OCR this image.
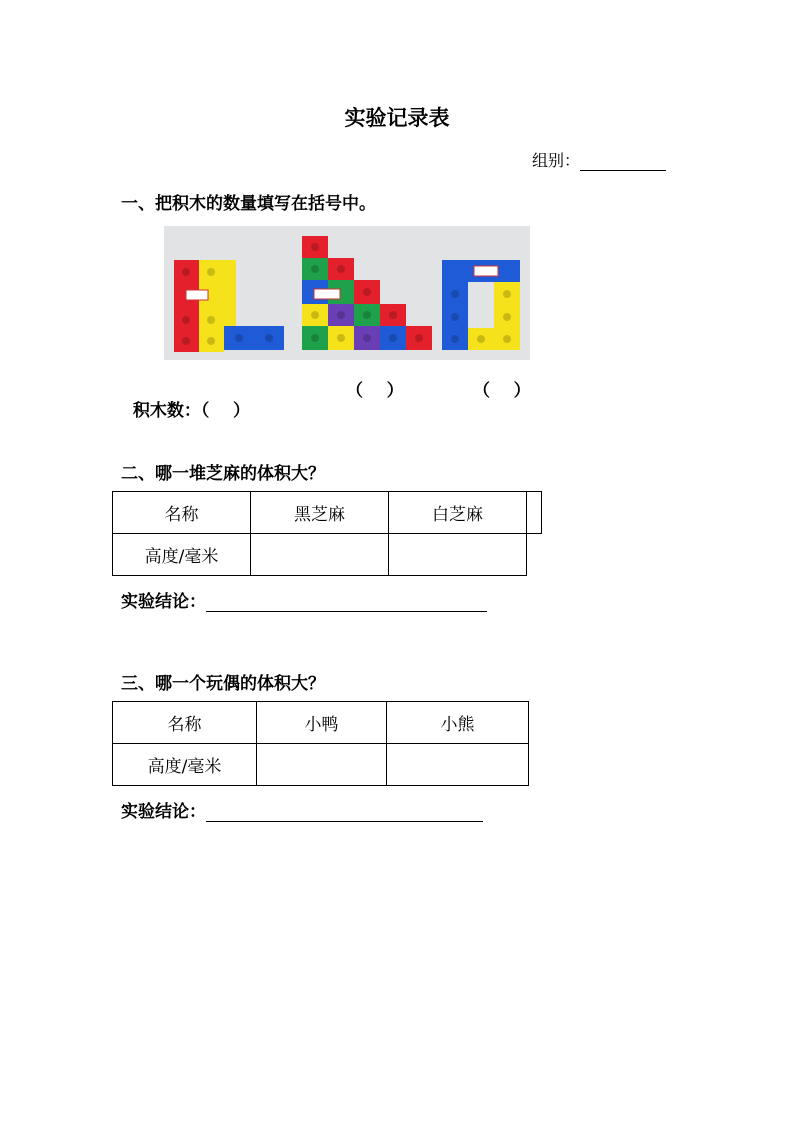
实验记录表
组别：
一、把积木的数量填写在括号中。

积木数：（    ）

（    ）	（    ）
二、哪一堆芝麻的体积大？
名称	黑芝麻	白芝麻	
高度/毫米			
实验结论：
三、哪一个玩偶的体积大？
名称	小鸭	小熊
高度/毫米		
实验结论：
